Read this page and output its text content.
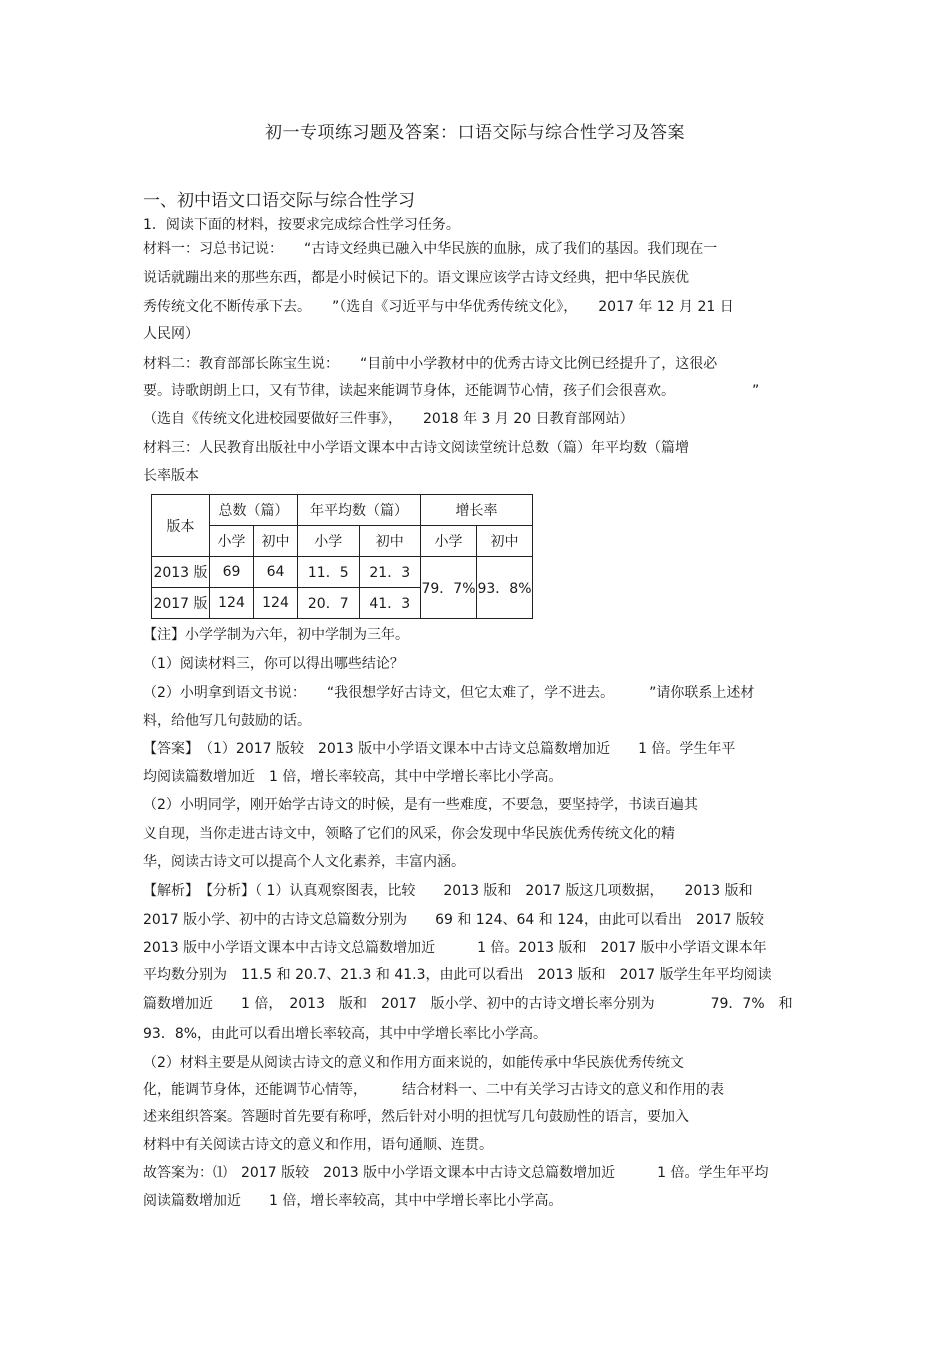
初一专项练习题及答案：口语交际与综合性学习及答案
一、初中语文口语交际与综合性学习
1．阅读下面的材料，按要求完成综合性学习任务。
材料一：习总书记说：　　“古诗文经典已融入中华民族的血脉，成了我们的基因。我们现在一
说话就蹦出来的那些东西，都是小时候记下的。语文课应该学古诗文经典，把中华民族优
秀传统文化不断传承下去。　　”（选自《习近平与中华优秀传统文化》，　　2017 年 12 月 21 日
人民网）
材料二：教育部部长陈宝生说：　　“目前中小学教材中的优秀古诗文比例已经提升了，这很必
要。诗歌朗朗上口，又有节律，读起来能调节身体，还能调节心情，孩子们会很喜欢。　　　　　　”
（选自《传统文化进校园要做好三件事》，　　2018 年 3 月 20 日教育部网站）
材料三：人民教育出版社中小学语文课本中古诗文阅读堂统计总数（篇）年平均数（篇增
长率版本
版本	总数（篇）		年平均数（篇）		增长率	
	小学	初中	小学	初中	小学	初中
2013 版	69	64	11．5	21．3	79．7%	93．8%
2017 版	124	124	20．7	41．3		
【注】小学学制为六年，初中学制为三年。
（1）阅读材料三，你可以得出哪些结论？
（2）小明拿到语文书说：　　“我很想学好古诗文，但它太难了，学不进去。　　　”请你联系上述材
料，给他写几句鼓励的话。
【答案】　（1）2017 版较　2013 版中小学语文课本中古诗文总篇数增加近　　1 倍。学生年平
均阅读篇数增加近　1 倍，增长率较高，其中中学增长率比小学高。
（2）小明同学，刚开始学古诗文的时候，是有一些难度，不要急，要坚持学，书读百遍其
义自现，当你走进古诗文中，领略了它们的风采，你会发现中华民族优秀传统文化的精
华，阅读古诗文可以提高个人文化素养，丰富内涵。
【解析】　【分析】（ 1）认真观察图表，比较　　2013 版和　2017 版这几项数据，　　2013 版和
2017 版小学、初中的古诗文总篇数分别为　　69 和 124、64 和 124，由此可以看出　2017 版较
2013 版中小学语文课本中古诗文总篇数增加近　　　1 倍。2013 版和　2017 版中小学语文课本年
平均数分别为　11.5 和 20.7、21.3 和 41.3，由此可以看出　2013 版和　2017 版学生年平均阅读
篇数增加近　　1 倍，　2013　版和　2017　版小学、初中的古诗文增长率分别为　　　　79．7%　和
93．8%，由此可以看出增长率较高，其中中学增长率比小学高。
（2）材料主要是从阅读古诗文的意义和作用方面来说的，如能传承中华民族优秀传统文
化，能调节身体，还能调节心情等，　　　结合材料一、二中有关学习古诗文的意义和作用的表
述来组织答案。答题时首先要有称呼，然后针对小明的担忧写几句鼓励性的语言，要加入
材料中有关阅读古诗文的意义和作用，语句通顺、连贯。
故答案为：⑴　2017 版较　2013 版中小学语文课本中古诗文总篇数增加近　　　1 倍。学生年平均
阅读篇数增加近　　1 倍，增长率较高，其中中学增长率比小学高。
